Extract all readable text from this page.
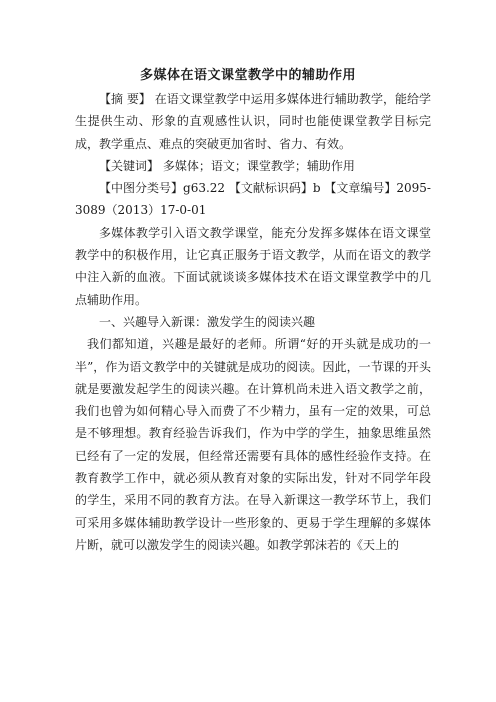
多媒体在语文课堂教学中的辅助作用

【摘 要】 在语文课堂教学中运用多媒体进行辅助教学，能给学生提供生动、形象的直观感性认识，同时也能使课堂教学目标完成，教学重点、难点的突破更加省时、省力、有效。

【关键词】 多媒体；语文；课堂教学；辅助作用

【中图分类号】g63.22 【文献标识码】b 【文章编号】2095-3089（2013）17-0-01

多媒体教学引入语文教学课堂，能充分发挥多媒体在语文课堂教学中的积极作用，让它真正服务于语文教学，从而在语文的教学中注入新的血液。下面试就谈谈多媒体技术在语文课堂教学中的几点辅助作用。

一、兴趣导入新课：激发学生的阅读兴趣

我们都知道，兴趣是最好的老师。所谓“好的开头就是成功的一半”，作为语文教学中的关键就是成功的阅读。因此，一节课的开头就是要激发起学生的阅读兴趣。在计算机尚未进入语文教学之前，我们也曾为如何精心导入而费了不少精力，虽有一定的效果，可总是不够理想。教育经验告诉我们，作为中学的学生，抽象思维虽然已经有了一定的发展，但经常还需要有具体的感性经验作支持。在教育教学工作中，就必须从教育对象的实际出发，针对不同学年段的学生，采用不同的教育方法。在导入新课这一教学环节上，我们可采用多媒体辅助教学设计一些形象的、更易于学生理解的多媒体片断，就可以激发学生的阅读兴趣。如教学郭沫若的《天上的
